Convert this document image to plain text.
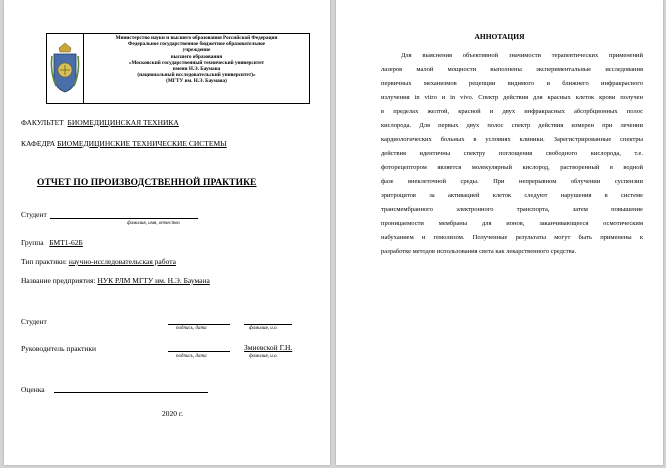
Министерство науки и высшего образования Российской Федерации
Федеральное государственное бюджетное образовательное
учреждение
высшего образования
«Московский государственный технический университет
имени Н.Э. Баумана
(национальный исследовательский университет)»
(МГТУ им. Н.Э. Баумана)
ФАКУЛЬТЕТ БИОМЕДИЦИНСКАЯ ТЕХНИКА
КАФЕДРА БИОМЕДИЦИНСКИЕ ТЕХНИЧЕСКИЕ СИСТЕМЫ
ОТЧЕТ ПО ПРОИЗВОДСТВЕННОЙ ПРАКТИКЕ
Студент
фамилия, имя, отчество
Группа БМТ1-62Б
Тип практики: научно-исследовательская работа
Название предприятия: НУК РЛМ МГТУ им. Н.Э. Баумана
Студент
подпись, дата	фамилия, и.о.
Руководитель практики	Змиевской Г.Н.
подпись, дата	фамилия, и.о.
Оценка
2020 г.
АННОТАЦИЯ
Для выяснения объективной значимости терапевтических применений
лазеров малой мощности выполнены экспериментальные исследования
первичных механизмов рецепции видимого и ближнего инфракрасного
излучения in vitro и in vivo. Спектр действия для красных клеток крови получен
в пределах желтой, красной и двух инфракрасных абсорбционных полос
кислорода. Для первых двух полос спектр действия измерен при лечении
кардиологических больных в условиях клиники. Зарегистрированные спектры
действия идентичны спектру поглощения свободного кислорода, т.е.
фоторецептором является молекулярный кислород, растворенный в водной
фазе внеклеточной среды. При непрерывном облучении суспензии
эритроцитов за активацией клеток следуют нарушения в системе
трансмембранного электронного транспорта, затем повышение
проницаемости мембраны для ионов, заканчивающееся осмотическим
набуханием и гемолизом. Полученные результаты могут быть применены к
разработке методов использования света как лекарственного средства.
